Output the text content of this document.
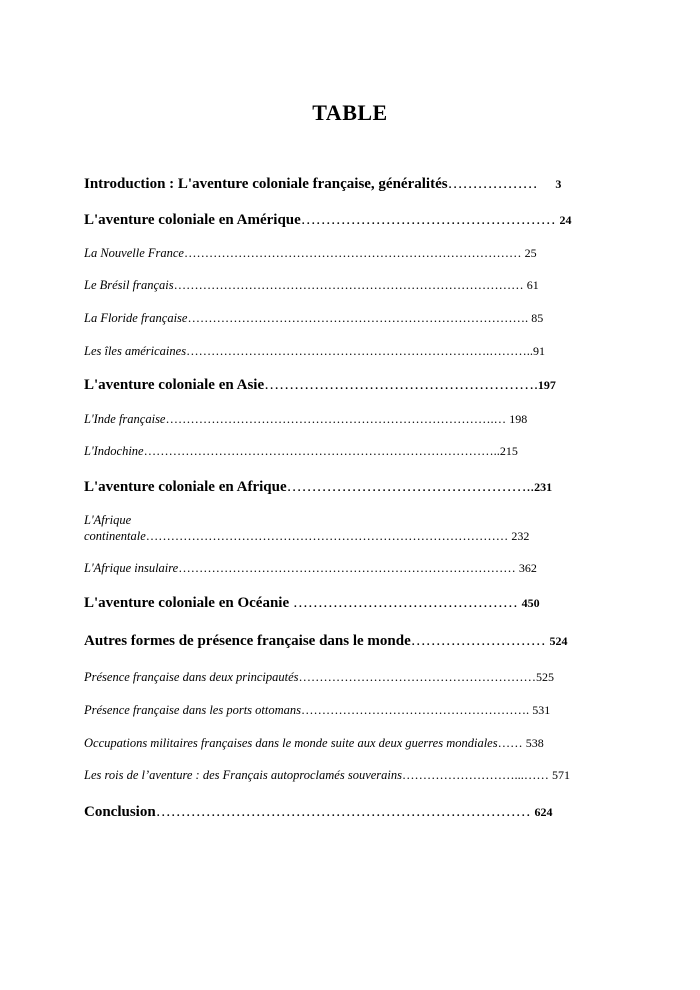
TABLE
Introduction : L'aventure coloniale française, généralités……………… 3
L'aventure coloniale en Amérique…………………………………………… 24
La Nouvelle France……………………………………………………………………… 25
Le Brésil français………………………………………………………………………… 61
La Floride française………………………………………………………………………. 85
Les îles américaines……………………………………………………………….………..91
L'aventure coloniale en Asie……………………………………………….197
L'Inde française…………………………………………………………………….… 198
L'Indochine…………………………………………………………………………..215
L'aventure coloniale en Afrique…………………………………………..231
L'Afrique
continentale…………………………………………………………………………… 232
L'Afrique insulaire……………………………………………………………………… 362
L'aventure coloniale en Océanie ……………………………………… 450
Autres formes de présence française dans le monde……………………… 524
Présence française dans deux principautés…………………………………………………525
Présence française dans les ports ottomans………………………………………………. 531
Occupations militaires françaises dans le monde suite aux deux guerres mondiales…… 538
Les rois de l’aventure : des Français autoproclamés souverains………………………...…… 571
Conclusion………………………………………………………………… 624
